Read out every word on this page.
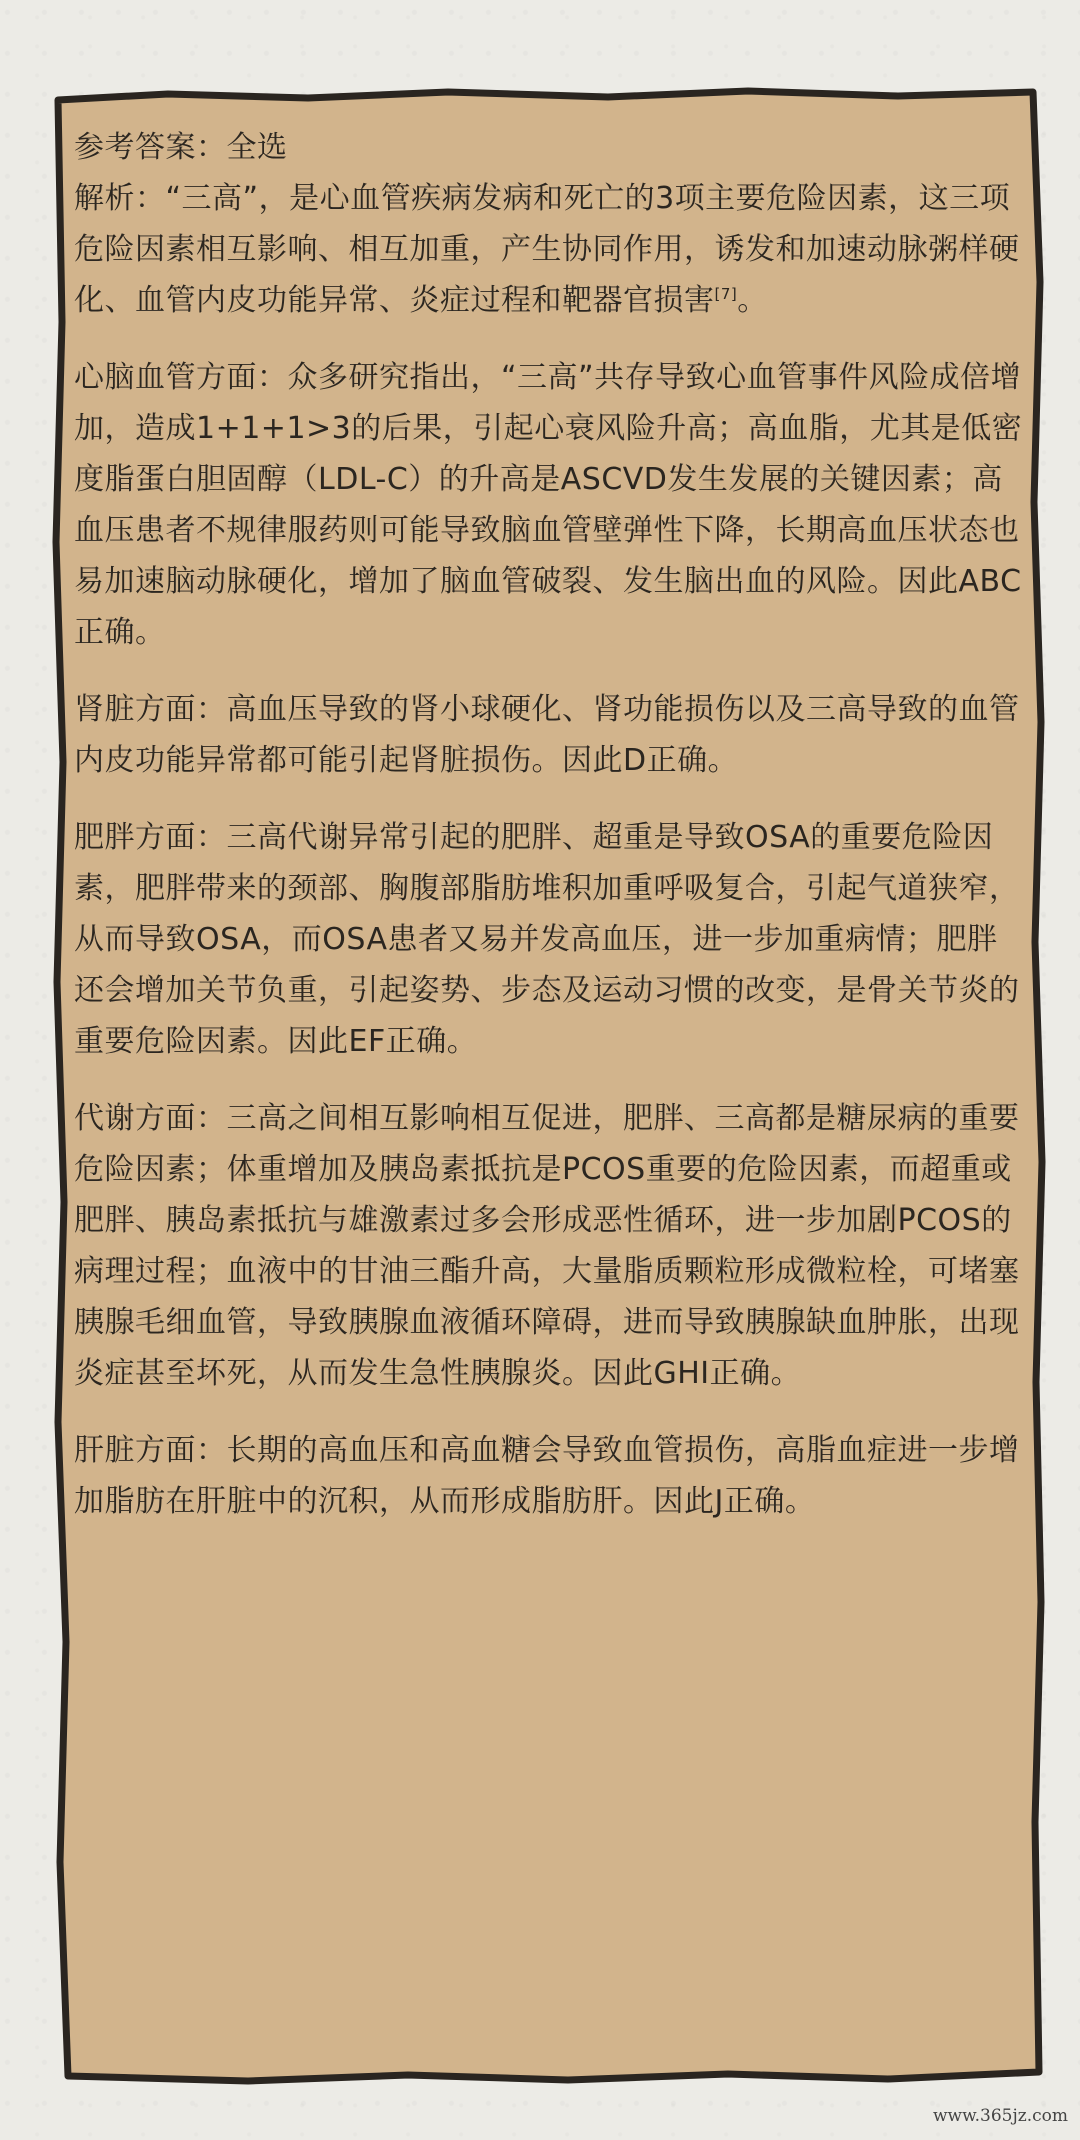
参考答案：全选

解析：“三高”，是心血管疾病发病和死亡的3项主要危险因素，这三项危险因素相互影响、相互加重，产生协同作用，诱发和加速动脉粥样硬化、血管内皮功能异常、炎症过程和靶器官损害[7]。

心脑血管方面：众多研究指出，“三高”共存导致心血管事件风险成倍增加，造成1+1+1>3的后果，引起心衰风险升高；高血脂，尤其是低密度脂蛋白胆固醇（LDL-C）的升高是ASCVD发生发展的关键因素；高血压患者不规律服药则可能导致脑血管壁弹性下降，长期高血压状态也易加速脑动脉硬化，增加了脑血管破裂、发生脑出血的风险。因此ABC正确。

肾脏方面：高血压导致的肾小球硬化、肾功能损伤以及三高导致的血管内皮功能异常都可能引起肾脏损伤。因此D正确。

肥胖方面：三高代谢异常引起的肥胖、超重是导致OSA的重要危险因素，肥胖带来的颈部、胸腹部脂肪堆积加重呼吸复合，引起气道狭窄，从而导致OSA，而OSA患者又易并发高血压，进一步加重病情；肥胖还会增加关节负重，引起姿势、步态及运动习惯的改变，是骨关节炎的重要危险因素。因此EF正确。

代谢方面：三高之间相互影响相互促进，肥胖、三高都是糖尿病的重要危险因素；体重增加及胰岛素抵抗是PCOS重要的危险因素，而超重或肥胖、胰岛素抵抗与雄激素过多会形成恶性循环，进一步加剧PCOS的病理过程；血液中的甘油三酯升高，大量脂质颗粒形成微粒栓，可堵塞胰腺毛细血管，导致胰腺血液循环障碍，进而导致胰腺缺血肿胀，出现炎症甚至坏死，从而发生急性胰腺炎。因此GHI正确。

肝脏方面：长期的高血压和高血糖会导致血管损伤，高脂血症进一步增加脂肪在肝脏中的沉积，从而形成脂肪肝。因此J正确。

www.365jz.com
